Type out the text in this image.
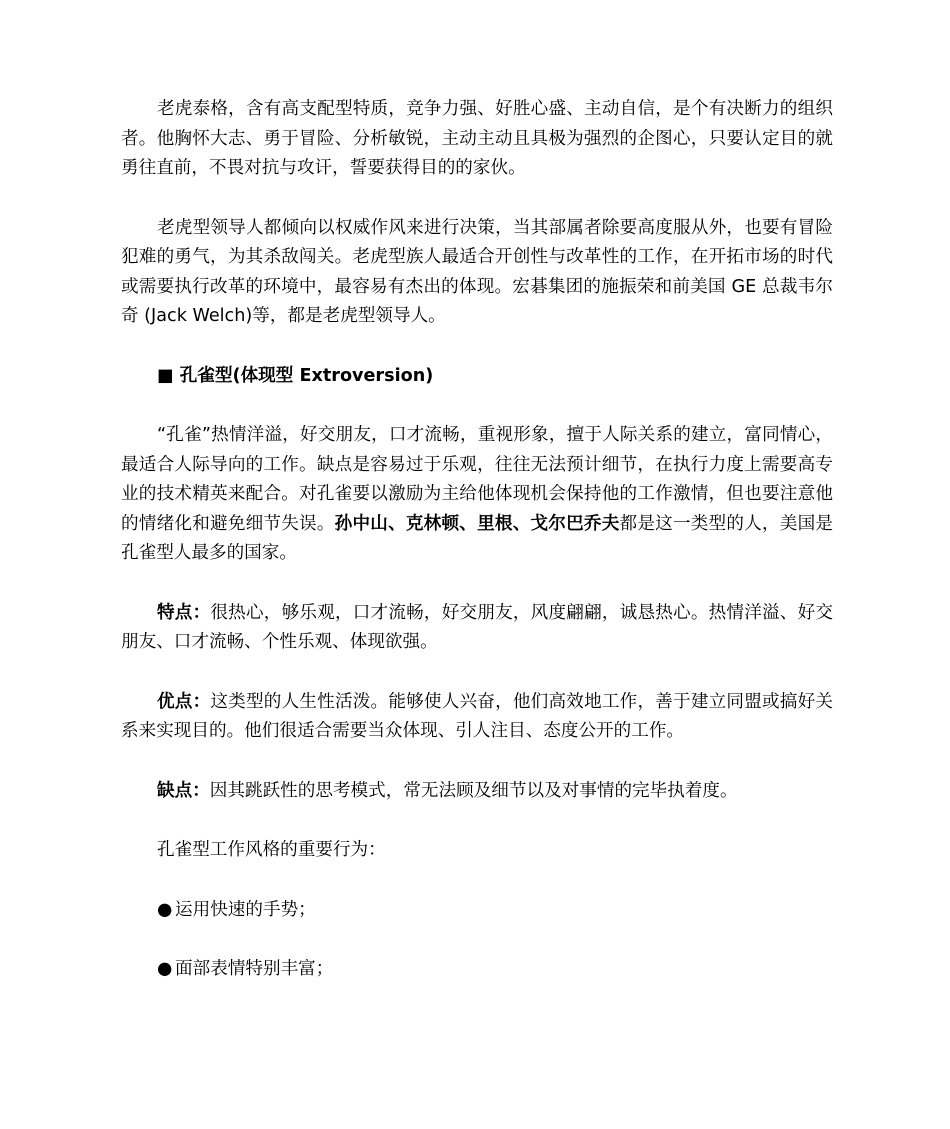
老虎泰格，含有高支配型特质，竞争力强、好胜心盛、主动自信，是个有决断力的组织者。他胸怀大志、勇于冒险、分析敏锐，主动主动且具极为强烈的企图心，只要认定目的就勇往直前，不畏对抗与攻讦，誓要获得目的的家伙。

老虎型领导人都倾向以权威作风来进行决策，当其部属者除要高度服从外，也要有冒险犯难的勇气，为其杀敌闯关。老虎型族人最适合开创性与改革性的工作，在开拓市场的时代或需要执行改革的环境中，最容易有杰出的体现。宏碁集团的施振荣和前美国 GE 总裁韦尔奇 (Jack Welch)等，都是老虎型领导人。

■ 孔雀型(体现型 Extroversion)

“孔雀”热情洋溢，好交朋友，口才流畅，重视形象，擅于人际关系的建立，富同情心，最适合人际导向的工作。缺点是容易过于乐观，往往无法预计细节，在执行力度上需要高专业的技术精英来配合。对孔雀要以激励为主给他体现机会保持他的工作激情，但也要注意他的情绪化和避免细节失误。孙中山、克林顿、里根、戈尔巴乔夫都是这一类型的人，美国是孔雀型人最多的国家。

特点：很热心，够乐观，口才流畅，好交朋友，风度翩翩，诚恳热心。热情洋溢、好交朋友、口才流畅、个性乐观、体现欲强。

优点：这类型的人生性活泼。能够使人兴奋，他们高效地工作，善于建立同盟或搞好关系来实现目的。他们很适合需要当众体现、引人注目、态度公开的工作。

缺点：因其跳跃性的思考模式，常无法顾及细节以及对事情的完毕执着度。

孔雀型工作风格的重要行为：

● 运用快速的手势；

● 面部表情特别丰富；
